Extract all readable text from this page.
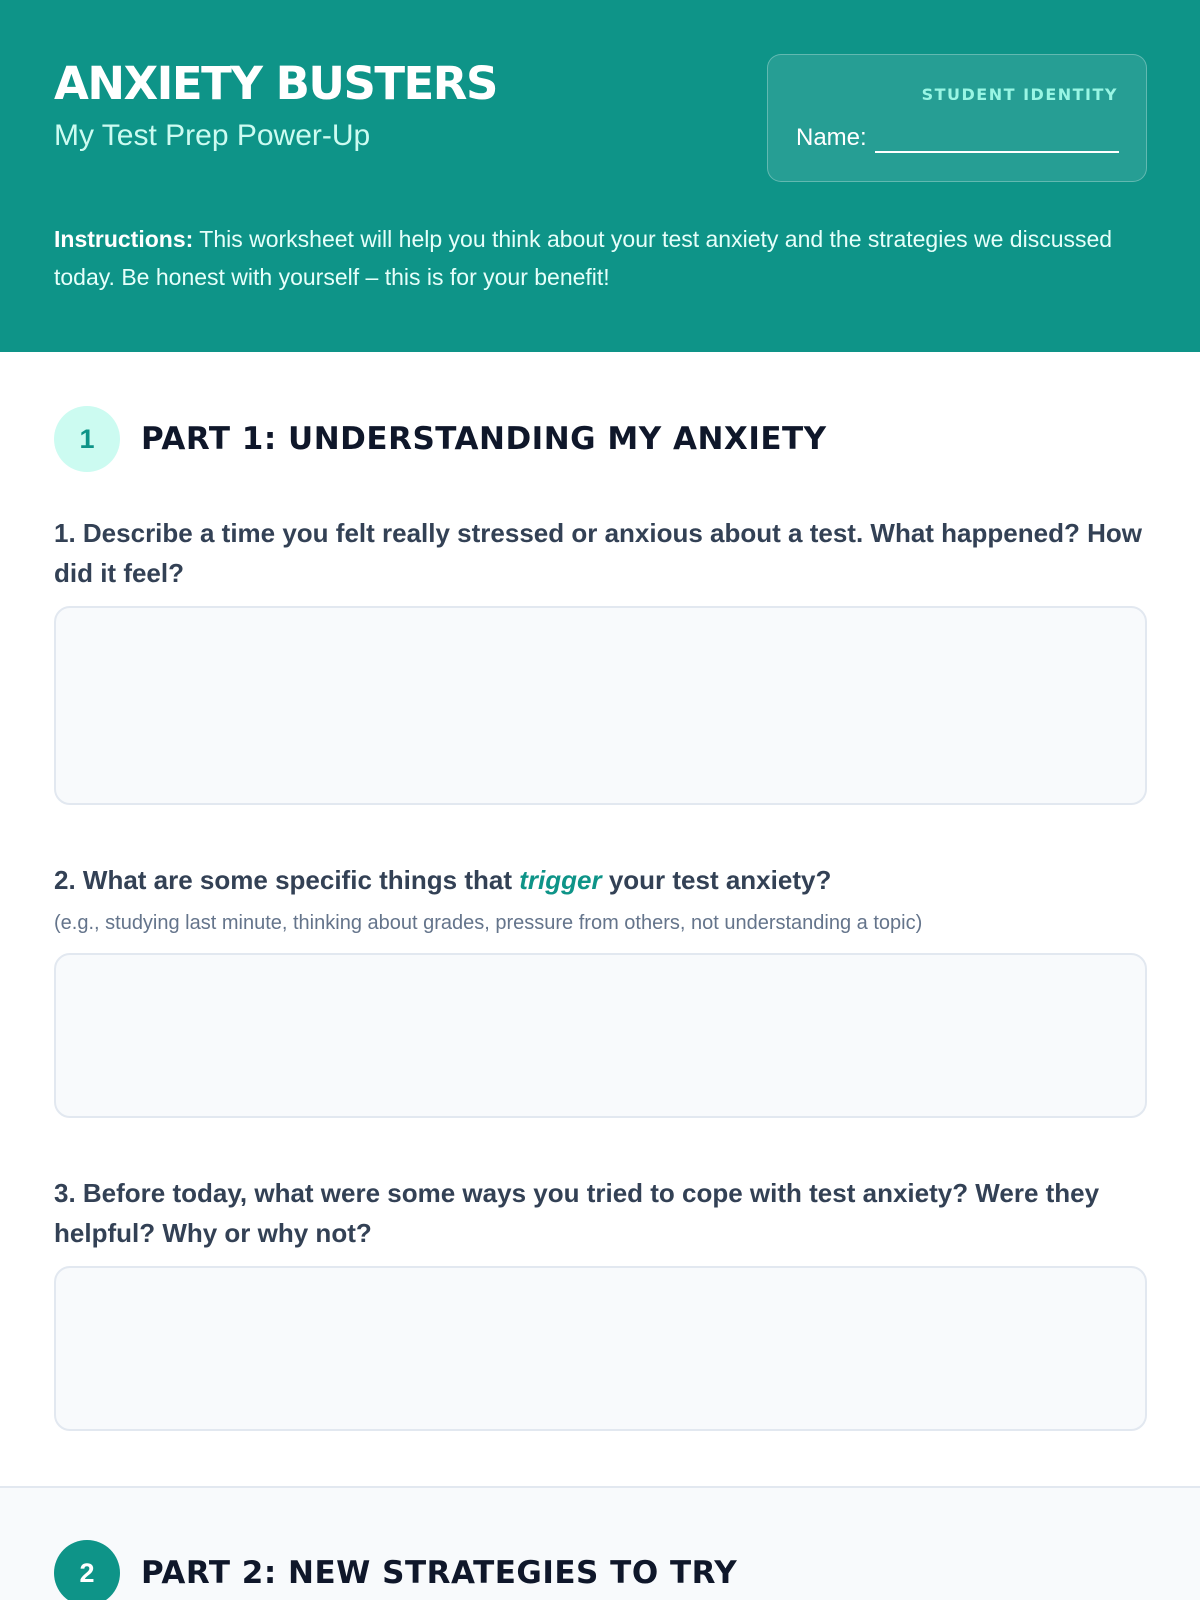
ANXIETY BUSTERS
My Test Prep Power-Up
STUDENT IDENTITY
Name:

Instructions: This worksheet will help you think about your test anxiety and the strategies we discussed today. Be honest with yourself – this is for your benefit!

1	PART 1: UNDERSTANDING MY ANXIETY
1. Describe a time you felt really stressed or anxious about a test. What happened? How did it feel?
2. What are some specific things that trigger your test anxiety?
(e.g., studying last minute, thinking about grades, pressure from others, not understanding a topic)
3. Before today, what were some ways you tried to cope with test anxiety? Were they helpful? Why or why not?
2	PART 2: NEW STRATEGIES TO TRY
